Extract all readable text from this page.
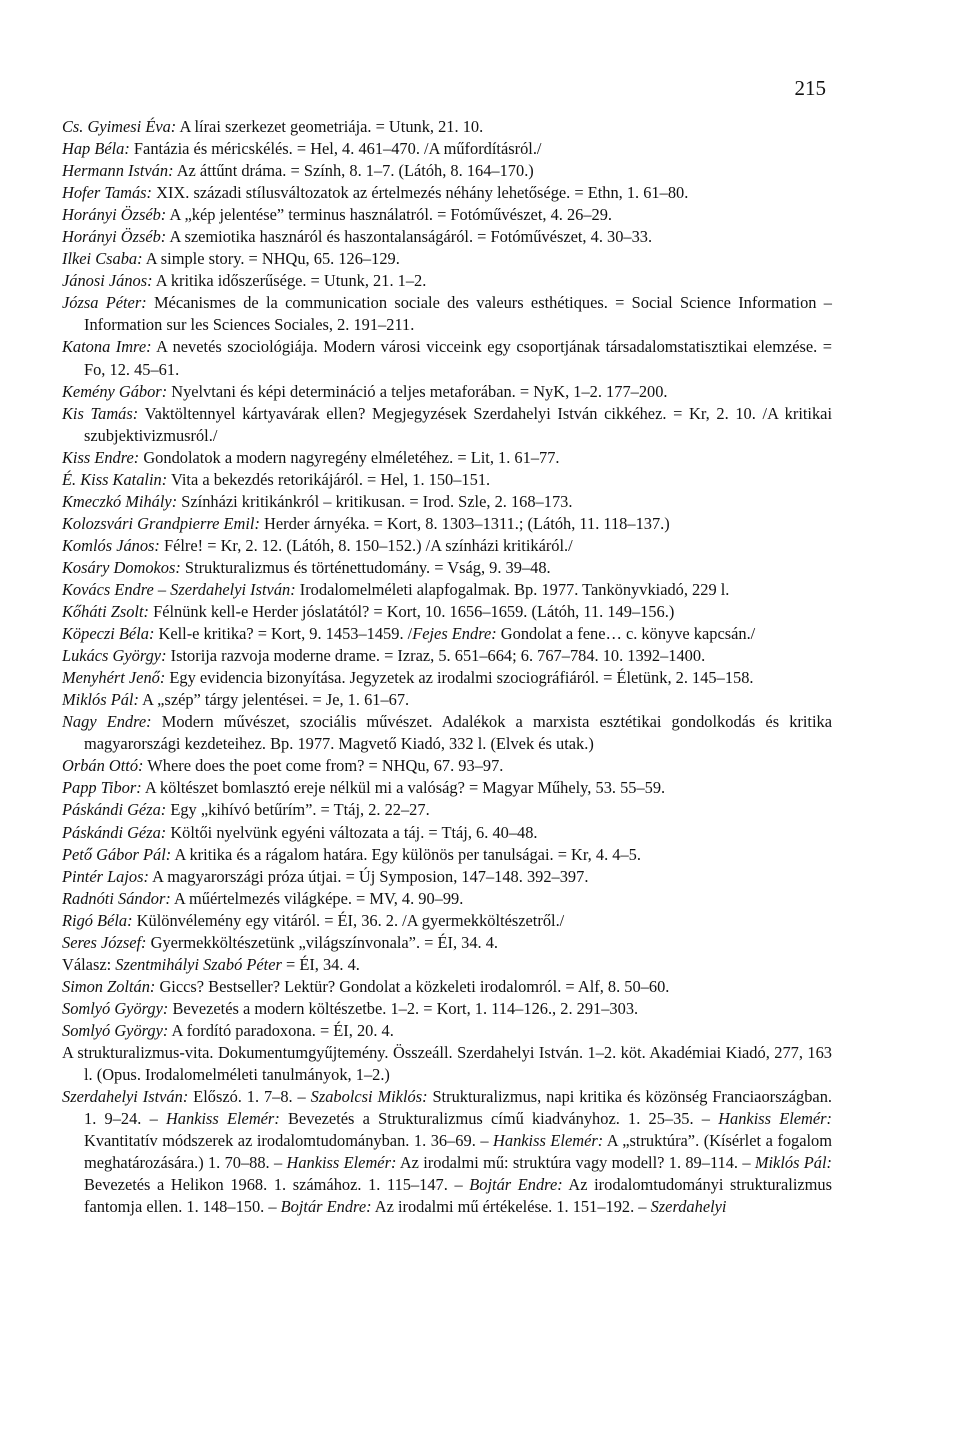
215

Cs. Gyimesi Éva: A lírai szerkezet geometriája. = Utunk, 21. 10.

Hap Béla: Fantázia és méricskélés. = Hel, 4. 461–470. /A műfordításról./

Hermann István: Az áttűnt dráma. = Szính, 8. 1–7. (Látóh, 8. 164–170.)

Hofer Tamás: XIX. századi stílusváltozatok az értelmezés néhány lehetősége. = Ethn, 1. 61–80.

Horányi Özséb: A „kép jelentése” terminus használatról. = Fotóművészet, 4. 26–29.

Horányi Özséb: A szemiotika hasznáról és haszontalanságáról. = Fotóművészet, 4. 30–33.

Ilkei Csaba: A simple story. = NHQu, 65. 126–129.

Jánosi János: A kritika időszerűsége. = Utunk, 21. 1–2.

Józsa Péter: Mécanismes de la communication sociale des valeurs esthétiques. = Social Science Information – Information sur les Sciences Sociales, 2. 191–211.

Katona Imre: A nevetés szociológiája. Modern városi vicceink egy csoportjának társadalomstatisztikai elemzése. = Fo, 12. 45–61.

Kemény Gábor: Nyelvtani és képi determináció a teljes metaforában. = NyK, 1–2. 177–200.

Kis Tamás: Vaktöltennyel kártyavárak ellen? Megjegyzések Szerdahelyi István cikkéhez. = Kr, 2. 10. /A kritikai szubjektivizmusról./

Kiss Endre: Gondolatok a modern nagyregény elméletéhez. = Lit, 1. 61–77.

É. Kiss Katalin: Vita a bekezdés retorikájáról. = Hel, 1. 150–151.

Kmeczkó Mihály: Színházi kritikánkról – kritikusan. = Irod. Szle, 2. 168–173.

Kolozsvári Grandpierre Emil: Herder árnyéka. = Kort, 8. 1303–1311.; (Látóh, 11. 118–137.)

Komlós János: Félre! = Kr, 2. 12. (Látóh, 8. 150–152.) /A színházi kritikáról./

Kosáry Domokos: Strukturalizmus és történettudomány. = Vság, 9. 39–48.

Kovács Endre – Szerdahelyi István: Irodalomelméleti alapfogalmak. Bp. 1977. Tankönyvkiadó, 229 l.

Kőháti Zsolt: Félnünk kell-e Herder jóslatától? = Kort, 10. 1656–1659. (Látóh, 11. 149–156.)

Köpeczi Béla: Kell-e kritika? = Kort, 9. 1453–1459. /Fejes Endre: Gondolat a fene… c. könyve kapcsán./

Lukács György: Istorija razvoja moderne drame. = Izraz, 5. 651–664; 6. 767–784. 10. 1392–1400.

Menyhért Jenő: Egy evidencia bizonyítása. Jegyzetek az irodalmi szociográfiáról. = Életünk, 2. 145–158.

Miklós Pál: A „szép” tárgy jelentései. = Je, 1. 61–67.

Nagy Endre: Modern művészet, szociális művészet. Adalékok a marxista esztétikai gondolkodás és kritika magyarországi kezdeteihez. Bp. 1977. Magvető Kiadó, 332 l. (Elvek és utak.)

Orbán Ottó: Where does the poet come from? = NHQu, 67. 93–97.

Papp Tibor: A költészet bomlasztó ereje nélkül mi a valóság? = Magyar Műhely, 53. 55–59.

Páskándi Géza: Egy „kihívó betűrím”. = Ttáj, 2. 22–27.

Páskándi Géza: Költői nyelvünk egyéni változata a táj. = Ttáj, 6. 40–48.

Pető Gábor Pál: A kritika és a rágalom határa. Egy különös per tanulságai. = Kr, 4. 4–5.

Pintér Lajos: A magyarországi próza útjai. = Új Symposion, 147–148. 392–397.

Radnóti Sándor: A műértelmezés világképe. = MV, 4. 90–99.

Rigó Béla: Különvélemény egy vitáról. = ÉI, 36. 2. /A gyermekköltészetről./

Seres József: Gyermekköltészetünk „világszínvonala”. = ÉI, 34. 4.

Válasz: Szentmihályi Szabó Péter = ÉI, 34. 4.

Simon Zoltán: Giccs? Bestseller? Lektür? Gondolat a közkeleti irodalomról. = Alf, 8. 50–60.

Somlyó György: Bevezetés a modern költészetbe. 1–2. = Kort, 1. 114–126., 2. 291–303.

Somlyó György: A fordító paradoxona. = ÉI, 20. 4.

A strukturalizmus-vita. Dokumentumgyűjtemény. Összeáll. Szerdahelyi István. 1–2. köt. Akadémiai Kiadó, 277, 163 l. (Opus. Irodalomelméleti tanulmányok, 1–2.)

Szerdahelyi István: Előszó. 1. 7–8. – Szabolcsi Miklós: Strukturalizmus, napi kritika és közönség Franciaországban. 1. 9–24. – Hankiss Elemér: Bevezetés a Strukturalizmus című kiadványhoz. 1. 25–35. – Hankiss Elemér: Kvantitatív módszerek az irodalomtudományban. 1. 36–69. – Hankiss Elemér: A „struktúra”. (Kísérlet a fogalom meghatározására.) 1. 70–88. – Hankiss Elemér: Az irodalmi mű: struktúra vagy modell? 1. 89–114. – Miklós Pál: Bevezetés a Helikon 1968. 1. számához. 1. 115–147. – Bojtár Endre: Az irodalomtudományi strukturalizmus fantomja ellen. 1. 148–150. – Bojtár Endre: Az irodalmi mű értékelése. 1. 151–192. – Szerdahelyi
